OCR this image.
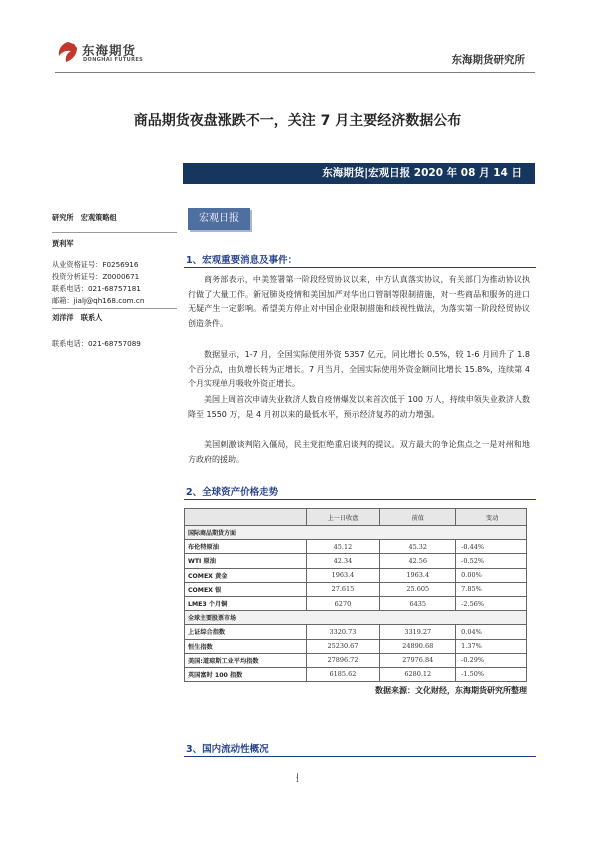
东海期货
DONGHAI FUTURES	东海期货研究所
商品期货夜盘涨跌不一，关注 7 月主要经济数据公布
东海期货|宏观日报 2020 年 08 月 14 日
研究所　宏观策略组
贾利军
从业资格证号：F0256916
投资分析证号：Z0000671
联系电话：021-68757181
邮箱：jialj@qh168.com.cn
刘洋洋　联系人
联系电话：021-68757089
宏观日报
1、宏观重要消息及事件：
商务部表示，中美签署第一阶段经贸协议以来，中方认真落实协议，有关部门为推动协议执行做了大量工作。新冠肺炎疫情和美国加严对华出口管制等限制措施，对一些商品和服务的进口无疑产生一定影响。希望美方停止对中国企业限制措施和歧视性做法，为落实第一阶段经贸协议创造条件。
数据显示，1-7 月，全国实际使用外资 5357 亿元，同比增长 0.5%，较 1-6 月回升了 1.8 个百分点，由负增长转为正增长。7 月当月，全国实际使用外资金额同比增长 15.8%，连续第 4 个月实现单月吸收外资正增长。
美国上周首次申请失业救济人数自疫情爆发以来首次低于 100 万人，持续申领失业救济人数降至 1550 万，是 4 月初以来的最低水平，预示经济复苏的动力增强。
美国刺激谈判陷入僵局，民主党拒绝重启谈判的提议。双方最大的争论焦点之一是对州和地方政府的援助。
2、全球资产价格走势
	上一日收盘	前值	变动
国际商品期货方面			
布伦特原油	45.12	45.32	-0.44%
WTI 原油	42.34	42.56	-0.52%
COMEX 黄金	1963.4	1963.4	0.00%
COMEX 银	27.615	25.605	7.85%
LME3 个月铜	6270	6435	-2.56%
全球主要股票市场			
上证综合指数	3320.73	3319.27	0.04%
恒生指数	25230.67	24890.68	1.37%
美国:道琼斯工业平均指数	27896.72	27976.84	-0.29%
英国富时 100 指数	6185.62	6280.12	-1.50%
数据来源：文化财经，东海期货研究所整理
3、国内流动性概况
1
